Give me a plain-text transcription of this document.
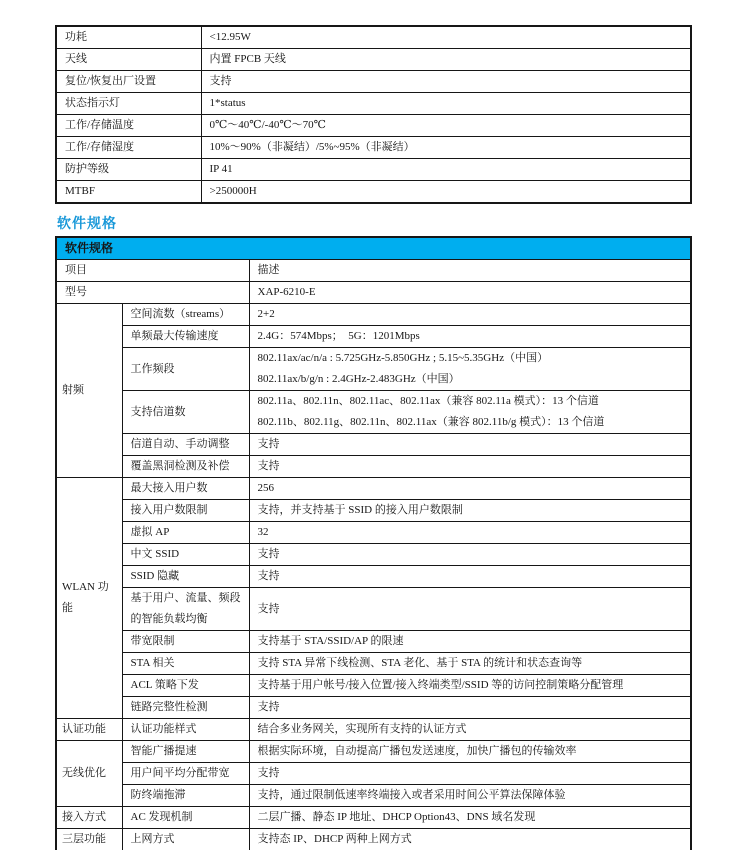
功耗	<12.95W

天线	内置 FPCB 天线

复位/恢复出厂设置	支持

状态指示灯	1*status

工作/存储温度	0℃～40℃/-40℃～70℃

工作/存储湿度	10%～90%（非凝结）/5%~95%（非凝结）

防护等级	IP 41

MTBF	>250000H
软件规格
软件规格		

项目		描述

型号		XAP-6210-E

射频	空间流数（streams）	2+2

	单频最大传输速度	2.4G：574Mbps；  5G：1201Mbps

	工作频段	802.11ax/ac/n/a : 5.725GHz-5.850GHz ; 5.15~5.35GHz（中国）
802.11ax/b/g/n : 2.4GHz-2.483GHz（中国）

	支持信道数	802.11a、802.11n、802.11ac、802.11ax（兼容 802.11a 模式）：13 个信道
802.11b、802.11g、802.11n、802.11ax（兼容 802.11b/g 模式）：13 个信道

	信道自动、手动调整	支持

	覆盖黑洞检测及补偿	支持

WLAN 功能	最大接入用户数	256

	接入用户数限制	支持，并支持基于 SSID 的接入用户数限制

	虚拟 AP	32

	中文 SSID	支持

	SSID 隐藏	支持

	基于用户、流量、频段
的智能负载均衡	支持

	带宽限制	支持基于 STA/SSID/AP 的限速

	STA 相关	支持 STA 异常下线检测、STA 老化、基于 STA 的统计和状态查询等

	ACL 策略下发	支持基于用户帐号/接入位置/接入终端类型/SSID 等的访问控制策略分配管理

	链路完整性检测	支持

认证功能	认证功能样式	结合多业务网关，实现所有支持的认证方式

无线优化	智能广播提速	根据实际环境，自动提高广播包发送速度，加快广播包的传输效率

	用户间平均分配带宽	支持

	防终端拖滞	支持，通过限制低速率终端接入或者采用时间公平算法保障体验

接入方式	AC 发现机制	二层广播、静态 IP 地址、DHCP Option43、DNS 域名发现

三层功能	上网方式	支持态 IP、DHCP 两种上网方式
